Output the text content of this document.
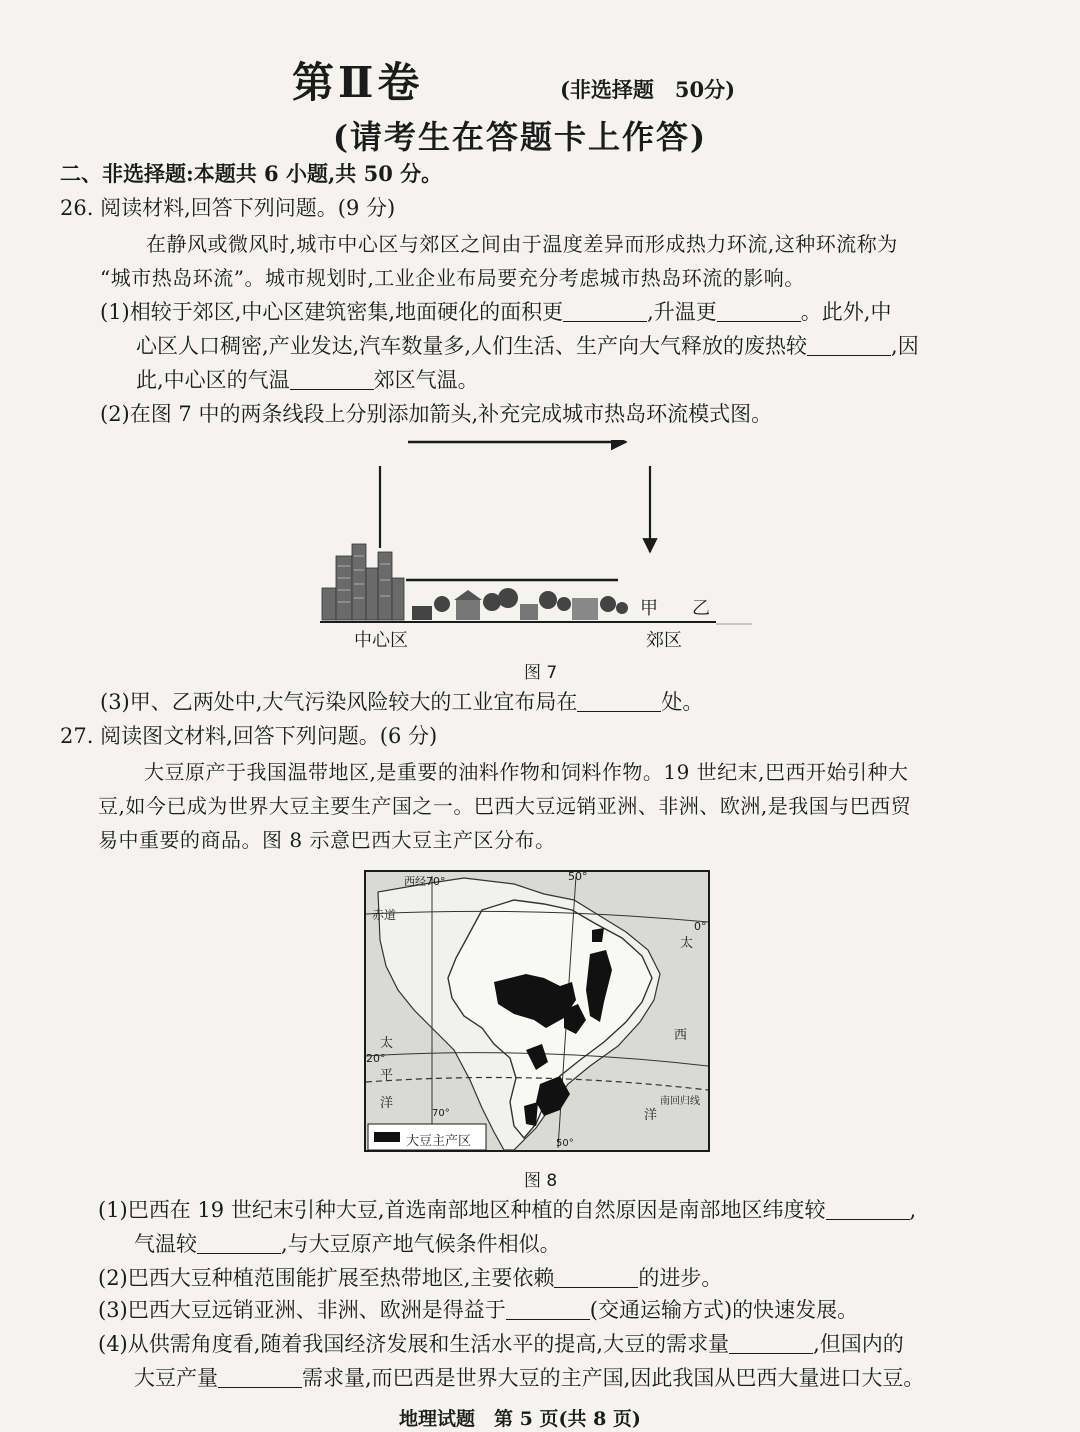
第Ⅱ卷	(非选择题　50分)
(请考生在答题卡上作答)
二、非选择题:本题共 6 小题,共 50 分。
26. 阅读材料,回答下列问题。(9 分)
在静风或微风时,城市中心区与郊区之间由于温度差异而形成热力环流,这种环流称为
“城市热岛环流”。城市规划时,工业企业布局要充分考虑城市热岛环流的影响。
(1)相较于郊区,中心区建筑密集,地面硬化的面积更	,升温更	。此外,中
心区人口稠密,产业发达,汽车数量多,人们生活、生产向大气释放的废热较	,因
此,中心区的气温	郊区气温。
(2)在图 7 中的两条线段上分别添加箭头,补充完成城市热岛环流模式图。
中心区	郊区
甲 乙
图 7
(3)甲、乙两处中,大气污染风险较大的工业宜布局在	处。
27. 阅读图文材料,回答下列问题。(6 分)
大豆原产于我国温带地区,是重要的油料作物和饲料作物。19 世纪末,巴西开始引种大
豆,如今已成为世界大豆主要生产国之一。巴西大豆远销亚洲、非洲、欧洲,是我国与巴西贸
易中重要的商品。图 8 示意巴西大豆主产区分布。
西经70°	50°
赤道
0°
20°
太
平
洋
太
西
洋
南回归线
70°
50°
大豆主产区
图 8
(1)巴西在 19 世纪末引种大豆,首选南部地区种植的自然原因是南部地区纬度较	,
气温较	,与大豆原产地气候条件相似。
(2)巴西大豆种植范围能扩展至热带地区,主要依赖	的进步。
(3)巴西大豆远销亚洲、非洲、欧洲是得益于	(交通运输方式)的快速发展。
(4)从供需角度看,随着我国经济发展和生活水平的提高,大豆的需求量	,但国内的
大豆产量	需求量,而巴西是世界大豆的主产国,因此我国从巴西大量进口大豆。
地理试题　第 5 页(共 8 页)
